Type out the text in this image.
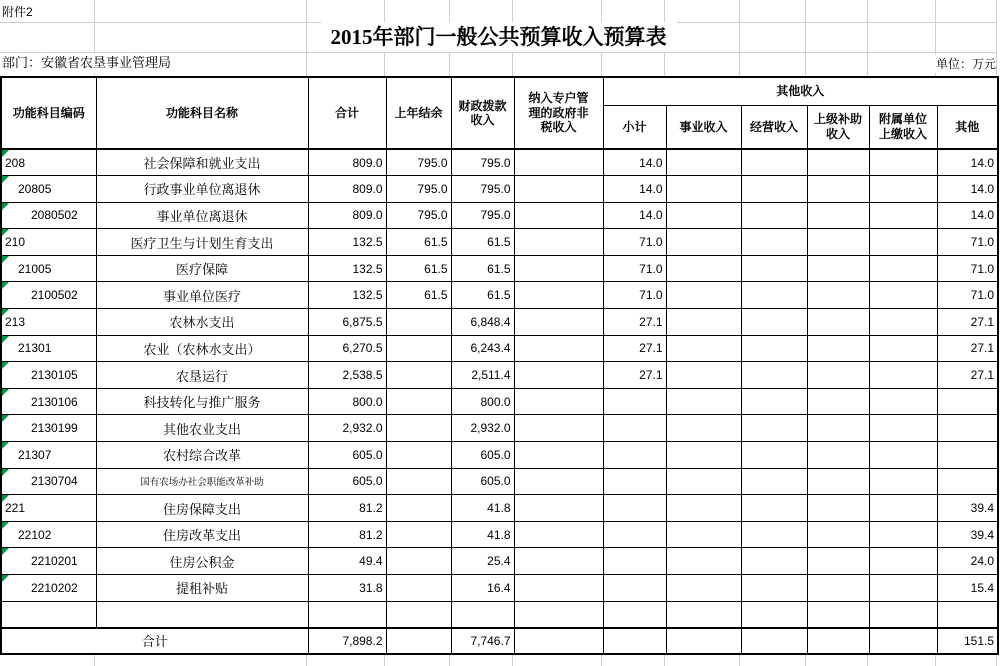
附件2
2015年部门一般公共预算收入预算表
部门：安徽省农垦事业管理局	单位：万元
功能科目编码	功能科目名称	合计	上年结余	财政拨款收入	纳入专户管理的政府非税收入	其他收入					
						小计	事业收入	经营收入	上级补助收入	附属单位上缴收入	其他

208	社会保障和就业支出	809.0	795.0	795.0		14.0					14.0

20805	行政事业单位离退休	809.0	795.0	795.0		14.0					14.0

2080502	事业单位离退休	809.0	795.0	795.0		14.0					14.0

210	医疗卫生与计划生育支出	132.5	61.5	61.5		71.0					71.0

21005	医疗保障	132.5	61.5	61.5		71.0					71.0

2100502	事业单位医疗	132.5	61.5	61.5		71.0					71.0

213	农林水支出	6,875.5		6,848.4		27.1					27.1

21301	农业（农林水支出）	6,270.5		6,243.4		27.1					27.1

2130105	农垦运行	2,538.5		2,511.4		27.1					27.1

2130106	科技转化与推广服务	800.0		800.0							

2130199	其他农业支出	2,932.0		2,932.0							

21307	农村综合改革	605.0		605.0							

2130704	国有农场办社会职能改革补助	605.0		605.0							

221	住房保障支出	81.2		41.8							39.4

22102	住房改革支出	81.2		41.8							39.4

2210201	住房公积金	49.4		25.4							24.0

2210202	提租补贴	31.8		16.4							15.4

合计		7,898.2		7,746.7							151.5
